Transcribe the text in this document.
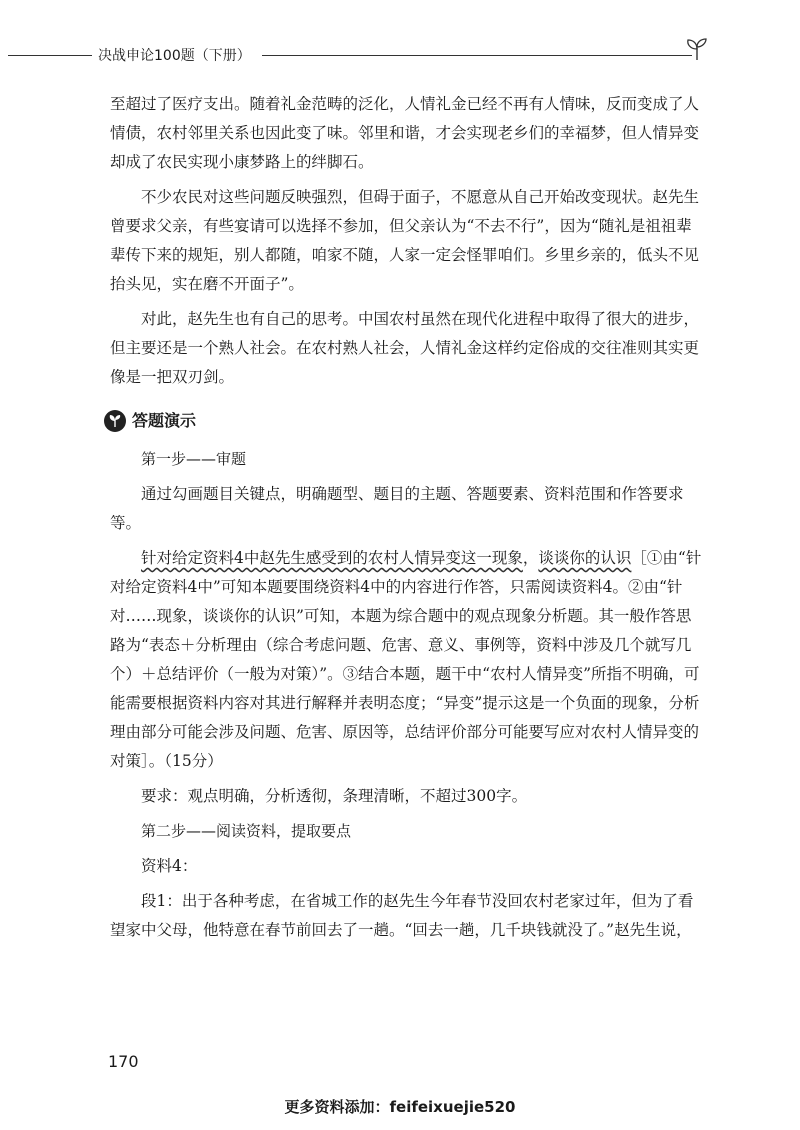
决战申论100题（下册）

至超过了医疗支出。随着礼金范畴的泛化，人情礼金已经不再有人情味，反而变成了人情债，农村邻里关系也因此变了味。邻里和谐，才会实现老乡们的幸福梦，但人情异变却成了农民实现小康梦路上的绊脚石。

不少农民对这些问题反映强烈，但碍于面子，不愿意从自己开始改变现状。赵先生曾要求父亲，有些宴请可以选择不参加，但父亲认为“不去不行”，因为“随礼是祖祖辈辈传下来的规矩，别人都随，咱家不随，人家一定会怪罪咱们。乡里乡亲的，低头不见抬头见，实在磨不开面子”。

对此，赵先生也有自己的思考。中国农村虽然在现代化进程中取得了很大的进步，但主要还是一个熟人社会。在农村熟人社会，人情礼金这样约定俗成的交往准则其实更像是一把双刃剑。

答题演示

第一步——审题

通过勾画题目关键点，明确题型、题目的主题、答题要素、资料范围和作答要求等。

针对给定资料4中赵先生感受到的农村人情异变这一现象，谈谈你的认识［①由“针对给定资料4中”可知本题要围绕资料4中的内容进行作答，只需阅读资料4。②由“针对……现象，谈谈你的认识”可知，本题为综合题中的观点现象分析题。其一般作答思路为“表态＋分析理由（综合考虑问题、危害、意义、事例等，资料中涉及几个就写几个）＋总结评价（一般为对策）”。③结合本题，题干中“农村人情异变”所指不明确，可能需要根据资料内容对其进行解释并表明态度；“异变”提示这是一个负面的现象，分析理由部分可能会涉及问题、危害、原因等，总结评价部分可能要写应对农村人情异变的对策］。（15分）

要求：观点明确，分析透彻，条理清晰，不超过300字。

第二步——阅读资料，提取要点

资料4：

段1：出于各种考虑，在省城工作的赵先生今年春节没回农村老家过年，但为了看望家中父母，他特意在春节前回去了一趟。“回去一趟，几千块钱就没了。”赵先生说，

170
更多资料添加：feifeixuejie520
